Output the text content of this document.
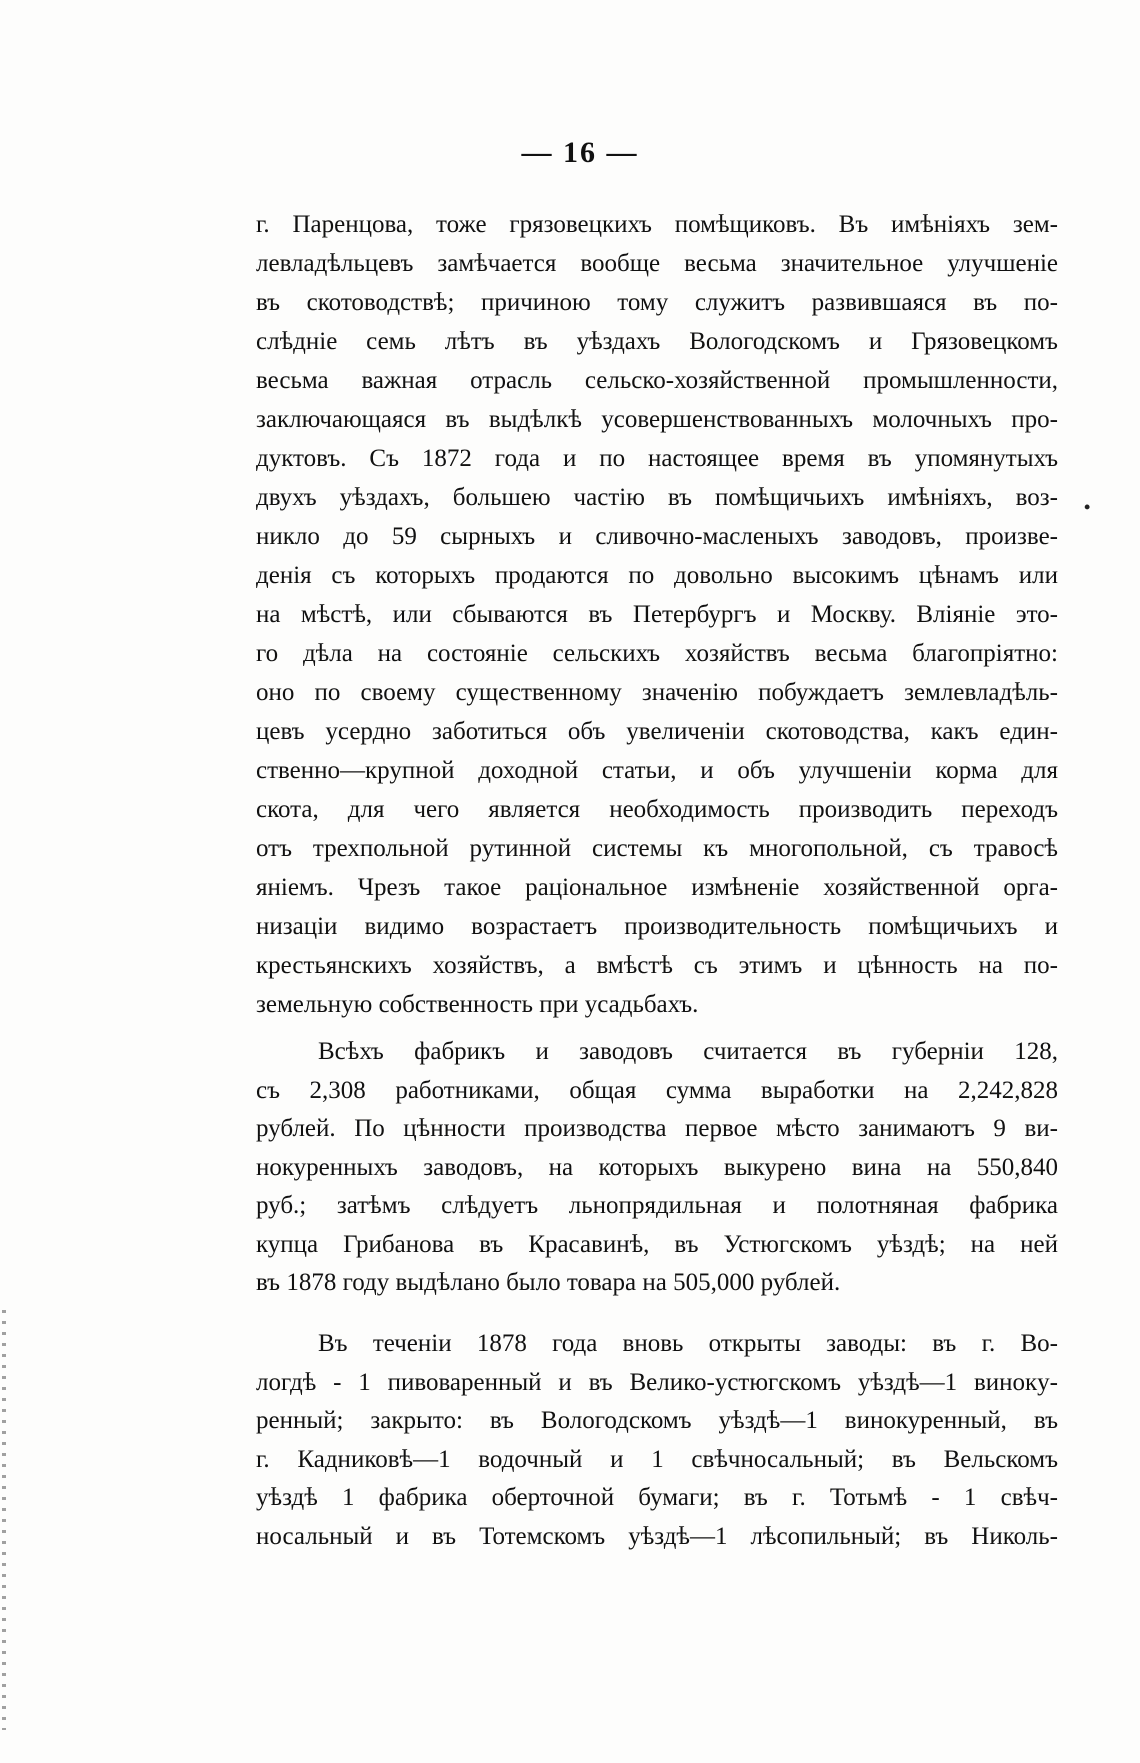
— 16 —
г. Паренцова, тоже грязовецкихъ помѣщиковъ. Въ имѣніяхъ зем-
левладѣльцевъ замѣчается вообще весьма значительное улучшеніе
въ скотоводствѣ; причиною тому служитъ развившаяся въ по-
слѣдніе семь лѣтъ въ уѣздахъ Вологодскомъ и Грязовецкомъ
весьма важная отрасль сельско-хозяйственной промышленности,
заключающаяся въ выдѣлкѣ усовершенствованныхъ молочныхъ про-
дуктовъ. Съ 1872 года и по настоящее время въ упомянутыхъ
двухъ уѣздахъ, большею частію въ помѣщичьихъ имѣніяхъ, воз-
никло до 59 сырныхъ и сливочно-масленыхъ заводовъ, произве-
денія съ которыхъ продаются по довольно высокимъ цѣнамъ или
на мѣстѣ, или сбываются въ Петербургъ и Москву. Вліяніе это-
го дѣла на состояніе сельскихъ хозяйствъ весьма благопріятно:
оно по своему существенному значенію побуждаетъ землевладѣль-
цевъ усердно заботиться объ увеличеніи скотоводства, какъ един-
ственно—крупной доходной статьи, и объ улучшеніи корма для
скота, для чего является необходимость производить переходъ
отъ трехпольной рутинной системы къ многопольной, съ травосѣ
яніемъ. Чрезъ такое раціональное измѣненіе хозяйственной орга-
низаціи видимо возрастаетъ производительность помѣщичьихъ и
крестьянскихъ хозяйствъ, а вмѣстѣ съ этимъ и цѣнность на по-
земельную собственность при усадьбахъ.
Всѣхъ фабрикъ и заводовъ считается въ губерніи 128,
съ 2,308 работниками, общая сумма выработки на 2,242,828
рублей. По цѣнности производства первое мѣсто занимаютъ 9 ви-
нокуренныхъ заводовъ, на которыхъ выкурено вина на 550,840
руб.; затѣмъ слѣдуетъ льнопрядильная и полотняная фабрика
купца Грибанова въ Красавинѣ, въ Устюгскомъ уѣздѣ; на ней
въ 1878 году выдѣлано было товара на 505,000 рублей.
Въ теченіи 1878 года вновь открыты заводы: въ г. Во-
логдѣ - 1 пивоваренный и въ Велико-устюгскомъ уѣздѣ—1 винокy-
ренный; закрыто: въ Вологодскомъ уѣздѣ—1 винокуренный, въ
г. Кадниковѣ—1 водочный и 1 свѣчносальный; въ Вельскомъ
уѣздѣ 1 фабрика оберточной бумаги; въ г. Тотьмѣ - 1 свѣч-
носальный и въ Тотемскомъ уѣздѣ—1 лѣсопильный; въ Николь-
•
